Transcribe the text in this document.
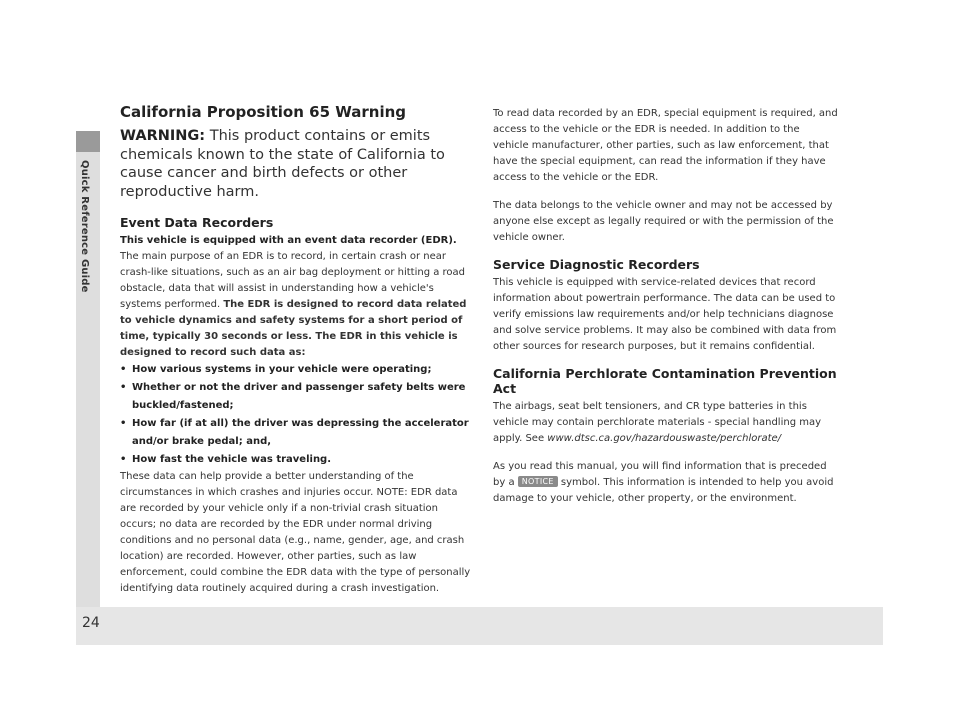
Quick Reference Guide
California Proposition 65 Warning
WARNING: This product contains or emits chemicals known to the state of California to cause cancer and birth defects or other reproductive harm.
Event Data Recorders

This vehicle is equipped with an event data recorder (EDR).

The main purpose of an EDR is to record, in certain crash or near crash-like situations, such as an air bag deployment or hitting a road obstacle, data that will assist in understanding how a vehicle's systems performed. The EDR is designed to record data related to vehicle dynamics and safety systems for a short period of time, typically 30 seconds or less. The EDR in this vehicle is designed to record such data as:

• How various systems in your vehicle were operating;
• Whether or not the driver and passenger safety belts were buckled/fastened;
• How far (if at all) the driver was depressing the accelerator and/or brake pedal; and,
• How fast the vehicle was traveling.

These data can help provide a better understanding of the circumstances in which crashes and injuries occur. NOTE: EDR data are recorded by your vehicle only if a non-trivial crash situation occurs; no data are recorded by the EDR under normal driving conditions and no personal data (e.g., name, gender, age, and crash location) are recorded. However, other parties, such as law enforcement, could combine the EDR data with the type of personally identifying data routinely acquired during a crash investigation.

To read data recorded by an EDR, special equipment is required, and access to the vehicle or the EDR is needed. In addition to the vehicle manufacturer, other parties, such as law enforcement, that have the special equipment, can read the information if they have access to the vehicle or the EDR.

The data belongs to the vehicle owner and may not be accessed by anyone else except as legally required or with the permission of the vehicle owner.

Service Diagnostic Recorders

This vehicle is equipped with service-related devices that record information about powertrain performance. The data can be used to verify emissions law requirements and/or help technicians diagnose and solve service problems. It may also be combined with data from other sources for research purposes, but it remains confidential.

California Perchlorate Contamination Prevention Act

The airbags, seat belt tensioners, and CR type batteries in this vehicle may contain perchlorate materials - special handling may apply. See www.dtsc.ca.gov/hazardouswaste/perchlorate/

As you read this manual, you will find information that is preceded by a NOTICE symbol. This information is intended to help you avoid damage to your vehicle, other property, or the environment.

24
